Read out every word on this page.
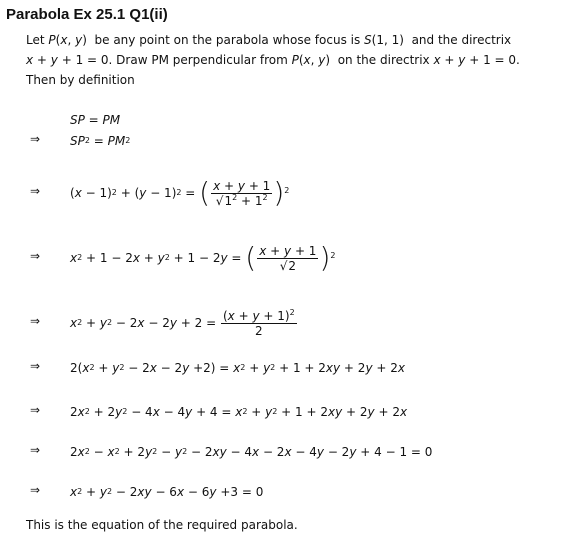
Parabola Ex 25.1 Q1(ii)
Let P(x, y)  be any point on the parabola whose focus is S(1, 1)  and the directrix
x + y + 1 = 0. Draw PM perpendicular from P(x, y)  on the directrix x + y + 1 = 0.
Then by definition
SP = PM
⇒ SP 2 = PM 2
⇒ ( x − 1) 2 + ( y − 1) 2 = ( $\frac{x + y + 1}{√1^2 + 1^2}$ ) 2
⇒ x 2 + 1 − 2 x + y 2 + 1 − 2 y = ( $\frac{x + y + 1}{√2}$ ) 2
⇒ x 2 + y 2 − 2 x − 2 $y + 2 = \frac{(x + y + 1)^2}{2}$
⇒ 2( x 2 + y 2 − 2 x − 2 y +2) = x 2 + y 2 + 1 + 2 xy + 2 y + 2 x
⇒ 2 x 2 + 2 y 2 − 4 x − 4 y + 4 = x 2 + y 2 + 1 + 2 xy + 2 y + 2 x
⇒ 2 x 2 − x 2 + 2 y 2 − y 2 − 2 xy − 4 x − 2 x − 4 y − 2 y + 4 − 1 = 0
⇒ x 2 + y 2 − 2 xy − 6 x − 6 y +3 = 0
This is the equation of the required parabola.
